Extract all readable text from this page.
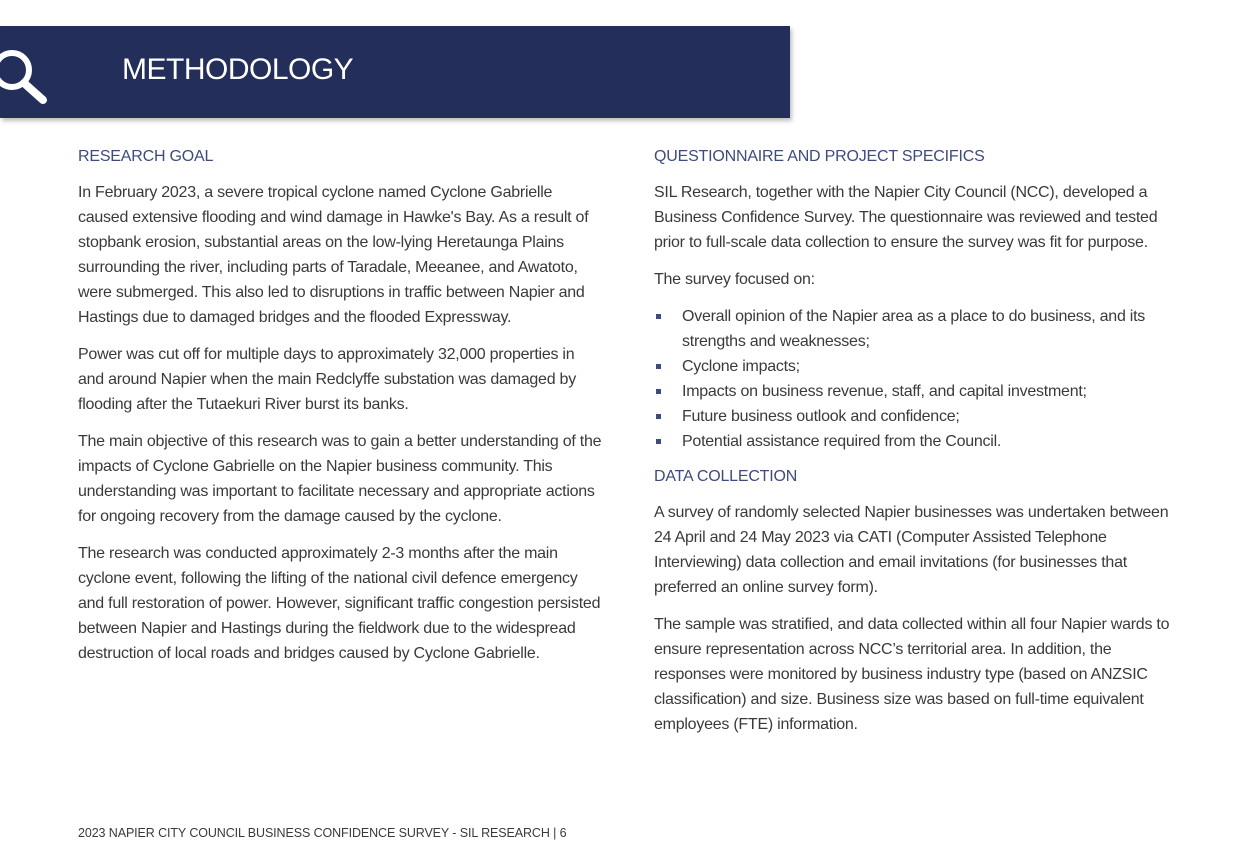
METHODOLOGY
RESEARCH GOAL

In February 2023, a severe tropical cyclone named Cyclone Gabrielle caused extensive flooding and wind damage in Hawke's Bay. As a result of stopbank erosion, substantial areas on the low-lying Heretaunga Plains surrounding the river, including parts of Taradale, Meeanee, and Awatoto, were submerged. This also led to disruptions in traffic between Napier and Hastings due to damaged bridges and the flooded Expressway.

Power was cut off for multiple days to approximately 32,000 properties in and around Napier when the main Redclyffe substation was damaged by flooding after the Tutaekuri River burst its banks.

The main objective of this research was to gain a better understanding of the impacts of Cyclone Gabrielle on the Napier business community. This understanding was important to facilitate necessary and appropriate actions for ongoing recovery from the damage caused by the cyclone.

The research was conducted approximately 2-3 months after the main cyclone event, following the lifting of the national civil defence emergency and full restoration of power. However, significant traffic congestion persisted between Napier and Hastings during the fieldwork due to the widespread destruction of local roads and bridges caused by Cyclone Gabrielle.

QUESTIONNAIRE AND PROJECT SPECIFICS

SIL Research, together with the Napier City Council (NCC), developed a Business Confidence Survey. The questionnaire was reviewed and tested prior to full-scale data collection to ensure the survey was fit for purpose.

The survey focused on:

Overall opinion of the Napier area as a place to do business, and its strengths and weaknesses;
Cyclone impacts;
Impacts on business revenue, staff, and capital investment;
Future business outlook and confidence;
Potential assistance required from the Council.
DATA COLLECTION

A survey of randomly selected Napier businesses was undertaken between 24 April and 24 May 2023 via CATI (Computer Assisted Telephone Interviewing) data collection and email invitations (for businesses that preferred an online survey form).

The sample was stratified, and data collected within all four Napier wards to ensure representation across NCC’s territorial area. In addition, the responses were monitored by business industry type (based on ANZSIC classification) and size. Business size was based on full-time equivalent employees (FTE) information.

2023 NAPIER CITY COUNCIL BUSINESS CONFIDENCE SURVEY - SIL RESEARCH | 6
